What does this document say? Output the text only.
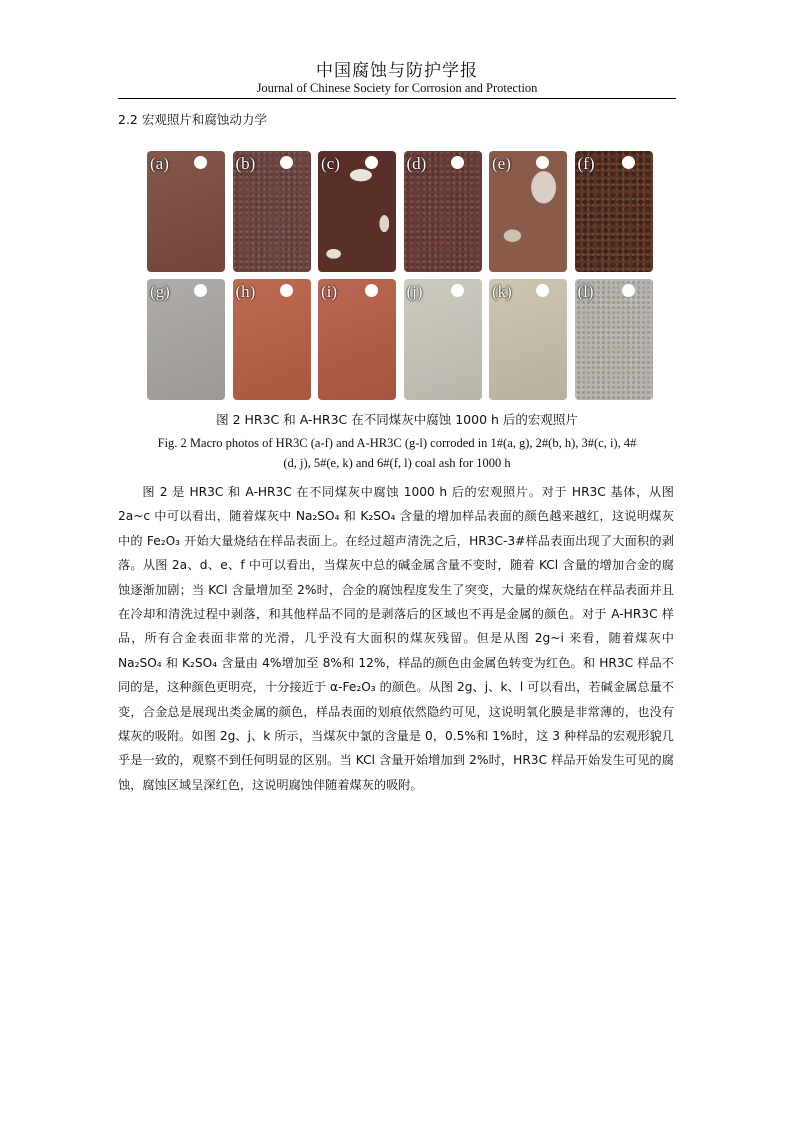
中国腐蚀与防护学报
Journal of Chinese Society for Corrosion and Protection
2.2 宏观照片和腐蚀动力学
(a)	(b)	(c)	(d)	(e)	(f)
(g)	(h)	(i)	(j)	(k)	(l)
图 2 HR3C 和 A-HR3C 在不同煤灰中腐蚀 1000 h 后的宏观照片
Fig. 2 Macro photos of HR3C (a-f) and A-HR3C (g-l) corroded in 1#(a, g), 2#(b, h), 3#(c, i), 4#
(d, j), 5#(e, k) and 6#(f, l) coal ash for 1000 h
图 2 是 HR3C 和 A-HR3C 在不同煤灰中腐蚀 1000 h 后的宏观照片。对于 HR3C 基体，从图 2a~c 中可以看出，随着煤灰中 Na₂SO₄ 和 K₂SO₄ 含量的增加样品表面的颜色越来越红，这说明煤灰中的 Fe₂O₃ 开始大量烧结在样品表面上。在经过超声清洗之后，HR3C-3#样品表面出现了大面积的剥落。从图 2a、d、e、f 中可以看出，当煤灰中总的碱金属含量不变时，随着 KCl 含量的增加合金的腐蚀逐渐加剧；当 KCl 含量增加至 2%时，合金的腐蚀程度发生了突变，大量的煤灰烧结在样品表面并且在冷却和清洗过程中剥落，和其他样品不同的是剥落后的区域也不再是金属的颜色。对于 A-HR3C 样品，所有合金表面非常的光滑，几乎没有大面积的煤灰残留。但是从图 2g~i 来看，随着煤灰中 Na₂SO₄ 和 K₂SO₄ 含量由 4%增加至 8%和 12%，样品的颜色由金属色转变为红色。和 HR3C 样品不同的是，这种颜色更明亮，十分接近于 α-Fe₂O₃ 的颜色。从图 2g、j、k、l 可以看出，若碱金属总量不变，合金总是展现出类金属的颜色，样品表面的划痕依然隐约可见，这说明氧化膜是非常薄的，也没有煤灰的吸附。如图 2g、j、k 所示，当煤灰中氯的含量是 0，0.5%和 1%时，这 3 种样品的宏观形貌几乎是一致的，观察不到任何明显的区别。当 KCl 含量开始增加到 2%时，HR3C 样品开始发生可见的腐蚀，腐蚀区域呈深红色，这说明腐蚀伴随着煤灰的吸附。
